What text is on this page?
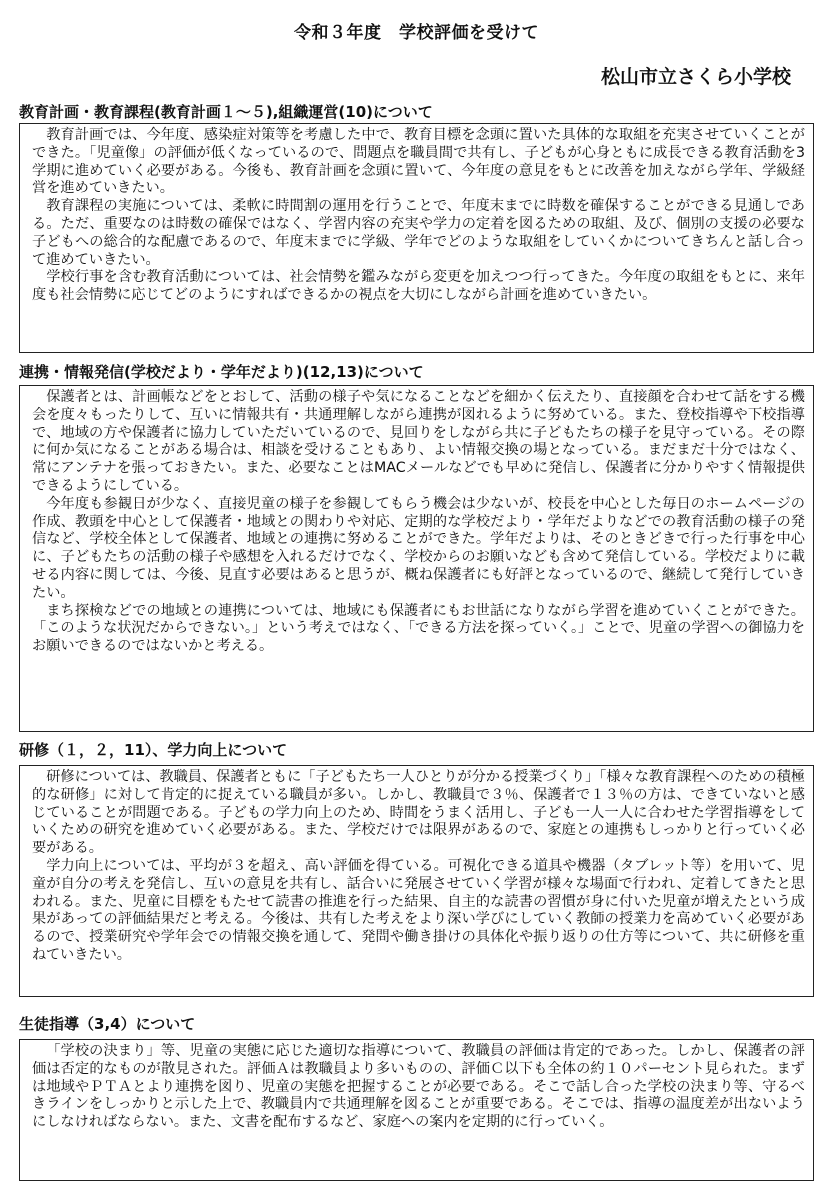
令和３年度　学校評価を受けて
松山市立さくら小学校
教育計画・教育課程(教育計画１～５),組織運営(10)について

教育計画では、今年度、感染症対策等を考慮した中で、教育目標を念頭に置いた具体的な取組を充実させていくことができた。「児童像」の評価が低くなっているので、問題点を職員間で共有し、子どもが心身ともに成長できる教育活動を3学期に進めていく必要がある。今後も、教育計画を念頭に置いて、今年度の意見をもとに改善を加えながら学年、学級経営を進めていきたい。

教育課程の実施については、柔軟に時間割の運用を行うことで、年度末までに時数を確保することができる見通しである。ただ、重要なのは時数の確保ではなく、学習内容の充実や学力の定着を図るための取組、及び、個別の支援の必要な子どもへの総合的な配慮であるので、年度末までに学級、学年でどのような取組をしていくかについてきちんと話し合って進めていきたい。

学校行事を含む教育活動については、社会情勢を鑑みながら変更を加えつつ行ってきた。今年度の取組をもとに、来年度も社会情勢に応じてどのようにすればできるかの視点を大切にしながら計画を進めていきたい。

連携・情報発信(学校だより・学年だより)(12,13)について

保護者とは、計画帳などをとおして、活動の様子や気になることなどを細かく伝えたり、直接顔を合わせて話をする機会を度々もったりして、互いに情報共有・共通理解しながら連携が図れるように努めている。また、登校指導や下校指導で、地域の方や保護者に協力していただいているので、見回りをしながら共に子どもたちの様子を見守っている。その際に何か気になることがある場合は、相談を受けることもあり、よい情報交換の場となっている。まだまだ十分ではなく、常にアンテナを張っておきたい。また、必要なことはMACメールなどでも早めに発信し、保護者に分かりやすく情報提供できるようにしている。

今年度も参観日が少なく、直接児童の様子を参観してもらう機会は少ないが、校長を中心とした毎日のホームページの作成、教頭を中心として保護者・地域との関わりや対応、定期的な学校だより・学年だよりなどでの教育活動の様子の発信など、学校全体として保護者、地域との連携に努めることができた。学年だよりは、そのときどきで行った行事を中心に、子どもたちの活動の様子や感想を入れるだけでなく、学校からのお願いなども含めて発信している。学校だよりに載せる内容に関しては、今後、見直す必要はあると思うが、概ね保護者にも好評となっているので、継続して発行していきたい。

まち探検などでの地域との連携については、地域にも保護者にもお世話になりながら学習を進めていくことができた。「このような状況だからできない。」という考えではなく、「できる方法を探っていく。」ことで、児童の学習への御協力をお願いできるのではないかと考える。

研修（１，２，11）、学力向上について

研修については、教職員、保護者ともに「子どもたち一人ひとりが分かる授業づくり」「様々な教育課程へのための積極的な研修」に対して肯定的に捉えている職員が多い。しかし、教職員で３％、保護者で１３％の方は、できていないと感じていることが問題である。子どもの学力向上のため、時間をうまく活用し、子ども一人一人に合わせた学習指導をしていくための研究を進めていく必要がある。また、学校だけでは限界があるので、家庭との連携もしっかりと行っていく必要がある。

学力向上については、平均が３を超え、高い評価を得ている。可視化できる道具や機器（タブレット等）を用いて、児童が自分の考えを発信し、互いの意見を共有し、話合いに発展させていく学習が様々な場面で行われ、定着してきたと思われる。また、児童に目標をもたせて読書の推進を行った結果、自主的な読書の習慣が身に付いた児童が増えたという成果があっての評価結果だと考える。今後は、共有した考えをより深い学びにしていく教師の授業力を高めていく必要があるので、授業研究や学年会での情報交換を通して、発問や働き掛けの具体化や振り返りの仕方等について、共に研修を重ねていきたい。

生徒指導（3,4）について

「学校の決まり」等、児童の実態に応じた適切な指導について、教職員の評価は肯定的であった。しかし、保護者の評価は否定的なものが散見された。評価Ａは教職員より多いものの、評価Ｃ以下も全体の約１０パーセント見られた。まずは地域やＰＴＡとより連携を図り、児童の実態を把握することが必要である。そこで話し合った学校の決まり等、守るべきラインをしっかりと示した上で、教職員内で共通理解を図ることが重要である。そこでは、指導の温度差が出ないようにしなければならない。また、文書を配布するなど、家庭への案内を定期的に行っていく。
